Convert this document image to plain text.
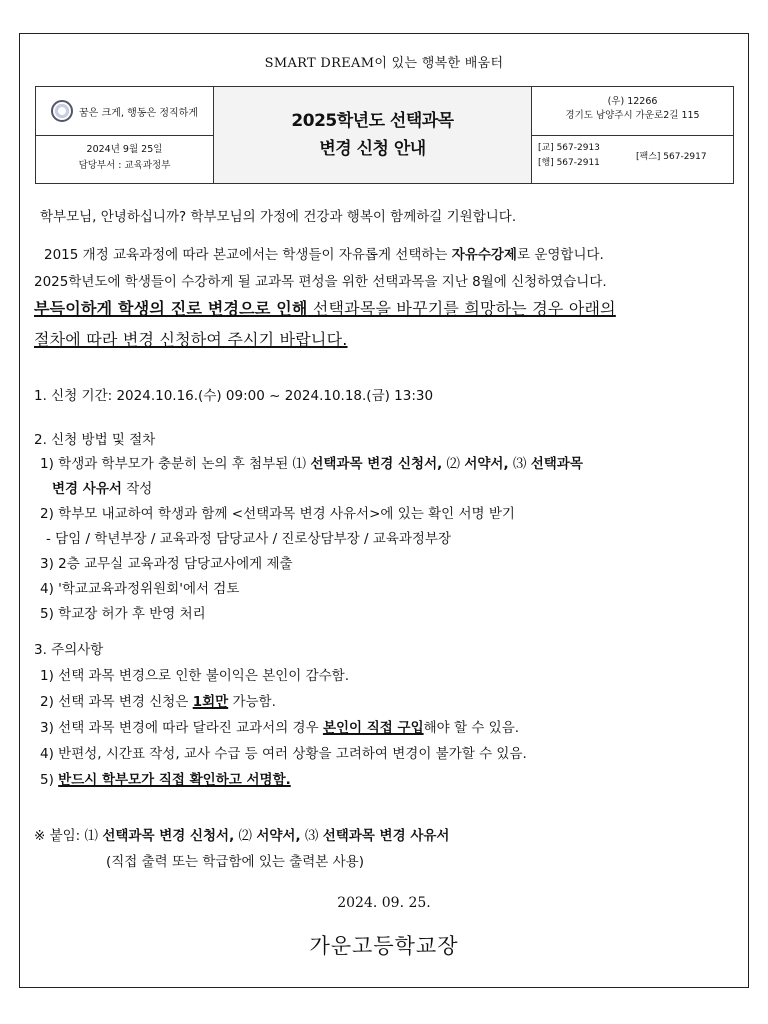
SMART DREAM이 있는 행복한 배움터
꿈은 크게, 행동은 정직하게
2024년 9월 25일
담당부서 : 교육과정부
2025학년도 선택과목
변경 신청 안내
(우) 12266
경기도 남양주시 가운로2길 115
[교] 567-2913
[행] 567-2911
[팩스] 567-2917
학부모님, 안녕하십니까? 학부모님의 가정에 건강과 행복이 함께하길 기원합니다.
2015 개정 교육과정에 따라 본교에서는 학생들이 자유롭게 선택하는 자유수강제로 운영합니다.
2025학년도에 학생들이 수강하게 될 교과목 편성을 위한 선택과목을 지난 8월에 신청하였습니다.
부득이하게 학생의 진로 변경으로 인해 선택과목을 바꾸기를 희망하는 경우 아래의
절차에 따라 변경 신청하여 주시기 바랍니다.
1. 신청 기간: 2024.10.16.(수) 09:00 ~ 2024.10.18.(금) 13:30
2. 신청 방법 및 절차
1) 학생과 학부모가 충분히 논의 후 첨부된 ⑴ 선택과목 변경 신청서, ⑵ 서약서, ⑶ 선택과목
변경 사유서 작성
2) 학부모 내교하여 학생과 함께 <선택과목 변경 사유서>에 있는 확인 서명 받기
- 담임 / 학년부장 / 교육과정 담당교사 / 진로상담부장 / 교육과정부장
3) 2층 교무실 교육과정 담당교사에게 제출
4) '학교교육과정위원회'에서 검토
5) 학교장 허가 후 반영 처리
3. 주의사항
1) 선택 과목 변경으로 인한 불이익은 본인이 감수함.
2) 선택 과목 변경 신청은 1회만 가능함.
3) 선택 과목 변경에 따라 달라진 교과서의 경우 본인이 직접 구입해야 할 수 있음.
4) 반편성, 시간표 작성, 교사 수급 등 여러 상황을 고려하여 변경이 불가할 수 있음.
5) 반드시 학부모가 직접 확인하고 서명함.
※ 붙임: ⑴ 선택과목 변경 신청서, ⑵ 서약서, ⑶ 선택과목 변경 사유서
(직접 출력 또는 학급함에 있는 출력본 사용)
2024. 09. 25.
가운고등학교장
